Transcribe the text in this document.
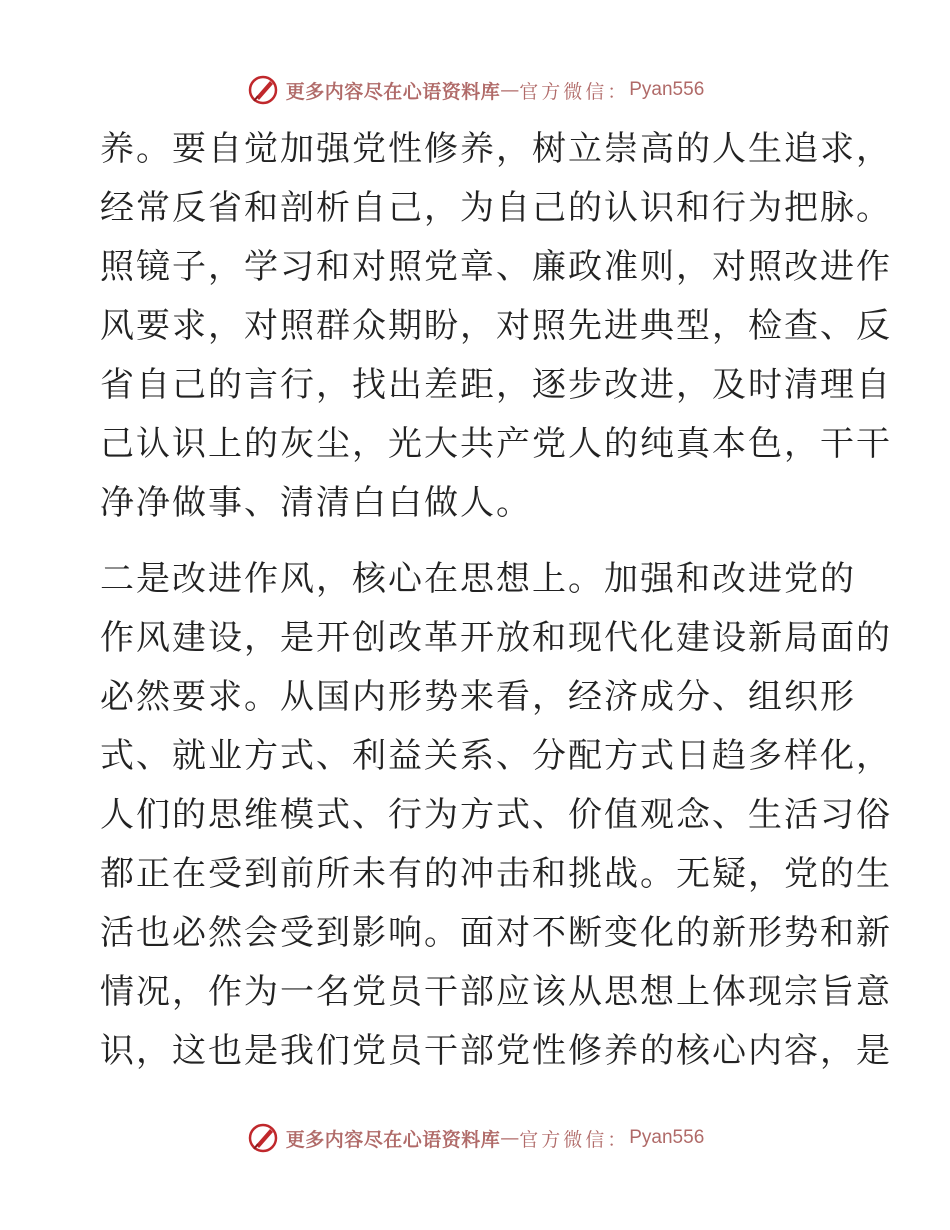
更多内容尽在心语资料库 — 官方微信： Pyan556
养。要自觉加强党性修养，树立崇高的人生追求，
经常反省和剖析自己，为自己的认识和行为把脉。
照镜子，学习和对照党章、廉政准则，对照改进作
风要求，对照群众期盼，对照先进典型，检查、反
省自己的言行，找出差距，逐步改进，及时清理自
己认识上的灰尘，光大共产党人的纯真本色，干干
净净做事、清清白白做人。
二是改进作风，核心在思想上。加强和改进党的
作风建设，是开创改革开放和现代化建设新局面的
必然要求。从国内形势来看，经济成分、组织形
式、就业方式、利益关系、分配方式日趋多样化，
人们的思维模式、行为方式、价值观念、生活习俗
都正在受到前所未有的冲击和挑战。无疑，党的生
活也必然会受到影响。面对不断变化的新形势和新
情况，作为一名党员干部应该从思想上体现宗旨意
识，这也是我们党员干部党性修养的核心内容，是
更多内容尽在心语资料库 — 官方微信： Pyan556
